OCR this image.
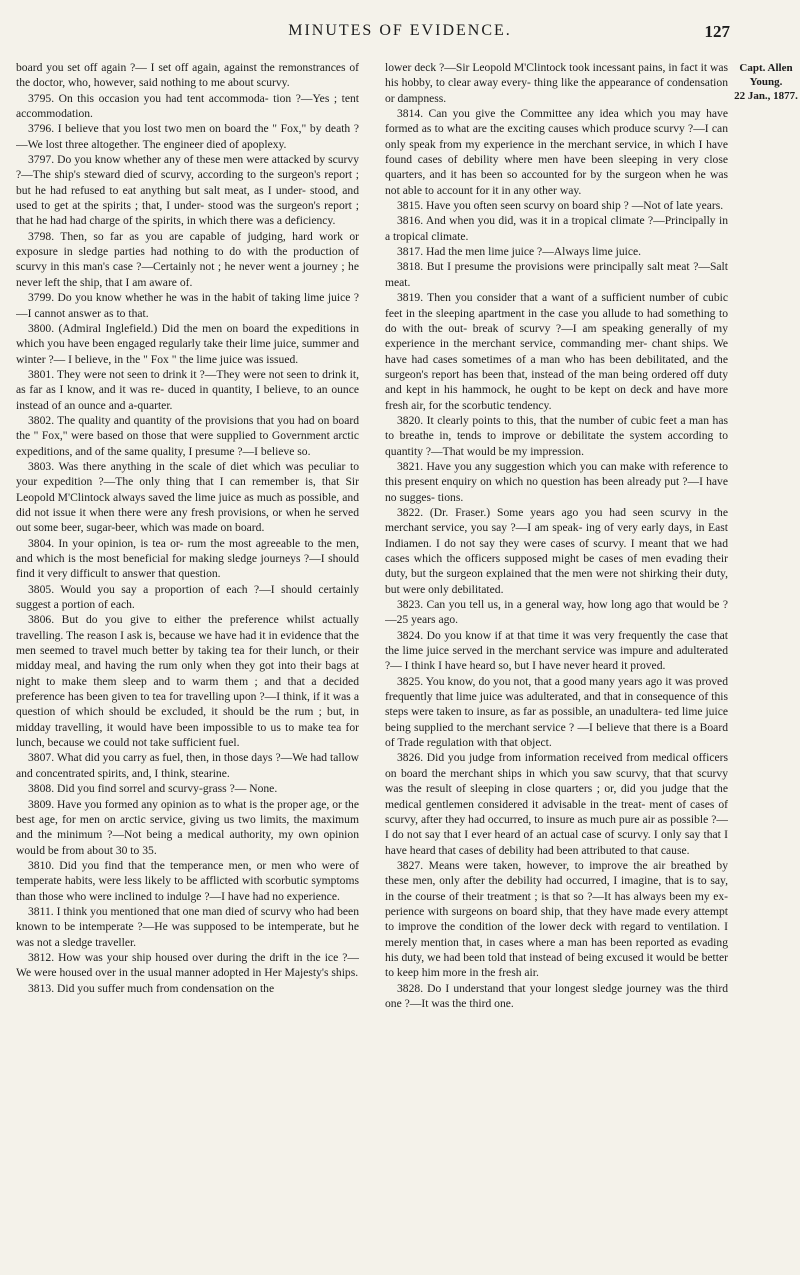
MINUTES OF EVIDENCE.	127
Capt. Allen Young.
22 Jan., 1877.

board you set off again ?— I set off again, against the remonstrances of the doctor, who, however, said nothing to me about scurvy.

3795. On this occasion you had tent accommoda- tion ?—Yes ; tent accommodation.

3796. I believe that you lost two men on board the " Fox," by death ?—We lost three altogether. The engineer died of apoplexy.

3797. Do you know whether any of these men were attacked by scurvy ?—The ship's steward died of scurvy, according to the surgeon's report ; but he had refused to eat anything but salt meat, as I under- stood, and used to get at the spirits ; that, I under- stood was the surgeon's report ; that he had had charge of the spirits, in which there was a deficiency.

3798. Then, so far as you are capable of judging, hard work or exposure in sledge parties had nothing to do with the production of scurvy in this man's case ?—Certainly not ; he never went a journey ; he never left the ship, that I am aware of.

3799. Do you know whether he was in the habit of taking lime juice ?—I cannot answer as to that.

3800. (Admiral Inglefield.) Did the men on board the expeditions in which you have been engaged regularly take their lime juice, summer and winter ?— I believe, in the " Fox " the lime juice was issued.

3801. They were not seen to drink it ?—They were not seen to drink it, as far as I know, and it was re- duced in quantity, I believe, to an ounce instead of an ounce and a-quarter.

3802. The quality and quantity of the provisions that you had on board the " Fox," were based on those that were supplied to Government arctic expeditions, and of the same quality, I presume ?—I believe so.

3803. Was there anything in the scale of diet which was peculiar to your expedition ?—The only thing that I can remember is, that Sir Leopold M'Clintock always saved the lime juice as much as possible, and did not issue it when there were any fresh provisions, or when he served out some beer, sugar-beer, which was made on board.

3804. In your opinion, is tea or- rum the most agreeable to the men, and which is the most beneficial for making sledge journeys ?—I should find it very difficult to answer that question.

3805. Would you say a proportion of each ?—I should certainly suggest a portion of each.

3806. But do you give to either the preference whilst actually travelling. The reason I ask is, because we have had it in evidence that the men seemed to travel much better by taking tea for their lunch, or their midday meal, and having the rum only when they got into their bags at night to make them sleep and to warm them ; and that a decided preference has been given to tea for travelling upon ?—I think, if it was a question of which should be excluded, it should be the rum ; but, in midday travelling, it would have been impossible to us to make tea for lunch, because we could not take sufficient fuel.

3807. What did you carry as fuel, then, in those days ?—We had tallow and concentrated spirits, and, I think, stearine.

3808. Did you find sorrel and scurvy-grass ?— None.

3809. Have you formed any opinion as to what is the proper age, or the best age, for men on arctic service, giving us two limits, the maximum and the minimum ?—Not being a medical authority, my own opinion would be from about 30 to 35.

3810. Did you find that the temperance men, or men who were of temperate habits, were less likely to be afflicted with scorbutic symptoms than those who were inclined to indulge ?—I have had no experience.

3811. I think you mentioned that one man died of scurvy who had been known to be intemperate ?—He was supposed to be intemperate, but he was not a sledge traveller.

3812. How was your ship housed over during the drift in the ice ?—We were housed over in the usual manner adopted in Her Majesty's ships.

3813. Did you suffer much from condensation on the

lower deck ?—Sir Leopold M'Clintock took incessant pains, in fact it was his hobby, to clear away every- thing like the appearance of condensation or dampness.

3814. Can you give the Committee any idea which you may have formed as to what are the exciting causes which produce scurvy ?—I can only speak from my experience in the merchant service, in which I have found cases of debility where men have been sleeping in very close quarters, and it has been so accounted for by the surgeon when he was not able to account for it in any other way.

3815. Have you often seen scurvy on board ship ? —Not of late years.

3816. And when you did, was it in a tropical climate ?—Principally in a tropical climate.

3817. Had the men lime juice ?—Always lime juice.

3818. But I presume the provisions were principally salt meat ?—Salt meat.

3819. Then you consider that a want of a sufficient number of cubic feet in the sleeping apartment in the case you allude to had something to do with the out- break of scurvy ?—I am speaking generally of my experience in the merchant service, commanding mer- chant ships. We have had cases sometimes of a man who has been debilitated, and the surgeon's report has been that, instead of the man being ordered off duty and kept in his hammock, he ought to be kept on deck and have more fresh air, for the scorbutic tendency.

3820. It clearly points to this, that the number of cubic feet a man has to breathe in, tends to improve or debilitate the system according to quantity ?—That would be my impression.

3821. Have you any suggestion which you can make with reference to this present enquiry on which no question has been already put ?—I have no sugges- tions.

3822. (Dr. Fraser.) Some years ago you had seen scurvy in the merchant service, you say ?—I am speak- ing of very early days, in East Indiamen. I do not say they were cases of scurvy. I meant that we had cases which the officers supposed might be cases of men evading their duty, but the surgeon explained that the men were not shirking their duty, but were only debilitated.

3823. Can you tell us, in a general way, how long ago that would be ?—25 years ago.

3824. Do you know if at that time it was very frequently the case that the lime juice served in the merchant service was impure and adulterated ?— I think I have heard so, but I have never heard it proved.

3825. You know, do you not, that a good many years ago it was proved frequently that lime juice was adulterated, and that in consequence of this steps were taken to insure, as far as possible, an unadultera- ted lime juice being supplied to the merchant service ? —I believe that there is a Board of Trade regulation with that object.

3826. Did you judge from information received from medical officers on board the merchant ships in which you saw scurvy, that that scurvy was the result of sleeping in close quarters ; or, did you judge that the medical gentlemen considered it advisable in the treat- ment of cases of scurvy, after they had occurred, to insure as much pure air as possible ?—I do not say that I ever heard of an actual case of scurvy. I only say that I have heard that cases of debility had been attributed to that cause.

3827. Means were taken, however, to improve the air breathed by these men, only after the debility had occurred, I imagine, that is to say, in the course of their treatment ; is that so ?—It has always been my ex- perience with surgeons on board ship, that they have made every attempt to improve the condition of the lower deck with regard to ventilation. I merely mention that, in cases where a man has been reported as evading his duty, we had been told that instead of being excused it would be better to keep him more in the fresh air.

3828. Do I understand that your longest sledge journey was the third one ?—It was the third one.
